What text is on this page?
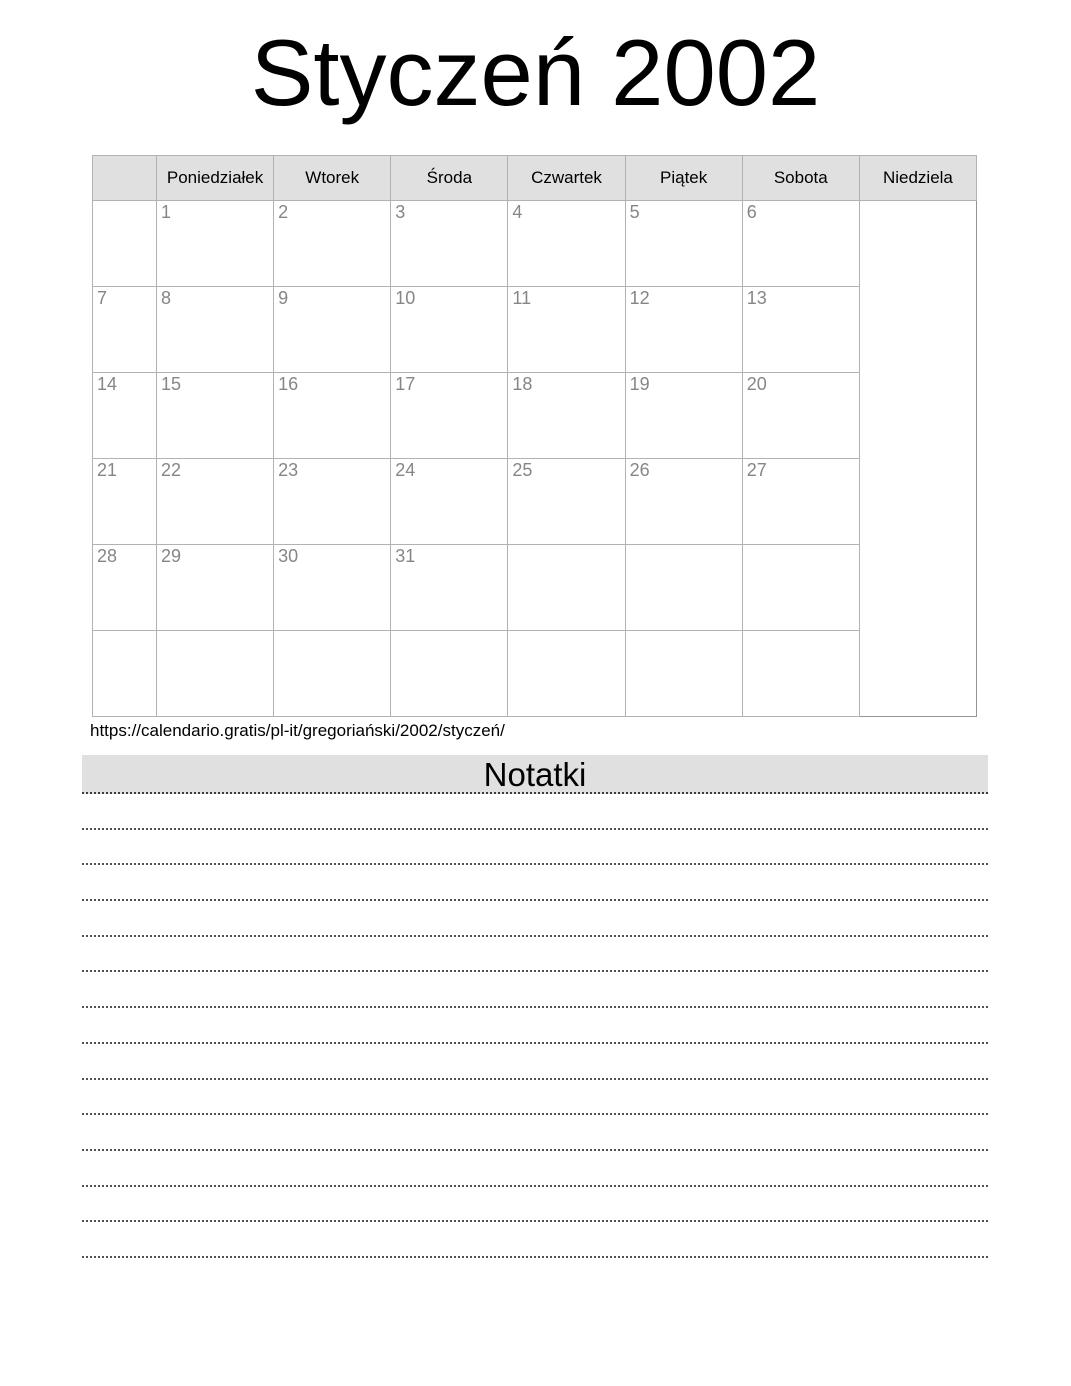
Styczeń 2002
	Poniedziałek	Wtorek	Środa	Czwartek	Piątek	Sobota	Niedziela
	1	2	3	4	5	6	
7	8	9	10	11	12	13	
14	15	16	17	18	19	20	
21	22	23	24	25	26	27	
28	29	30	31				

https://calendario.gratis/pl-it/gregoriański/2002/styczeń/
Notatki
